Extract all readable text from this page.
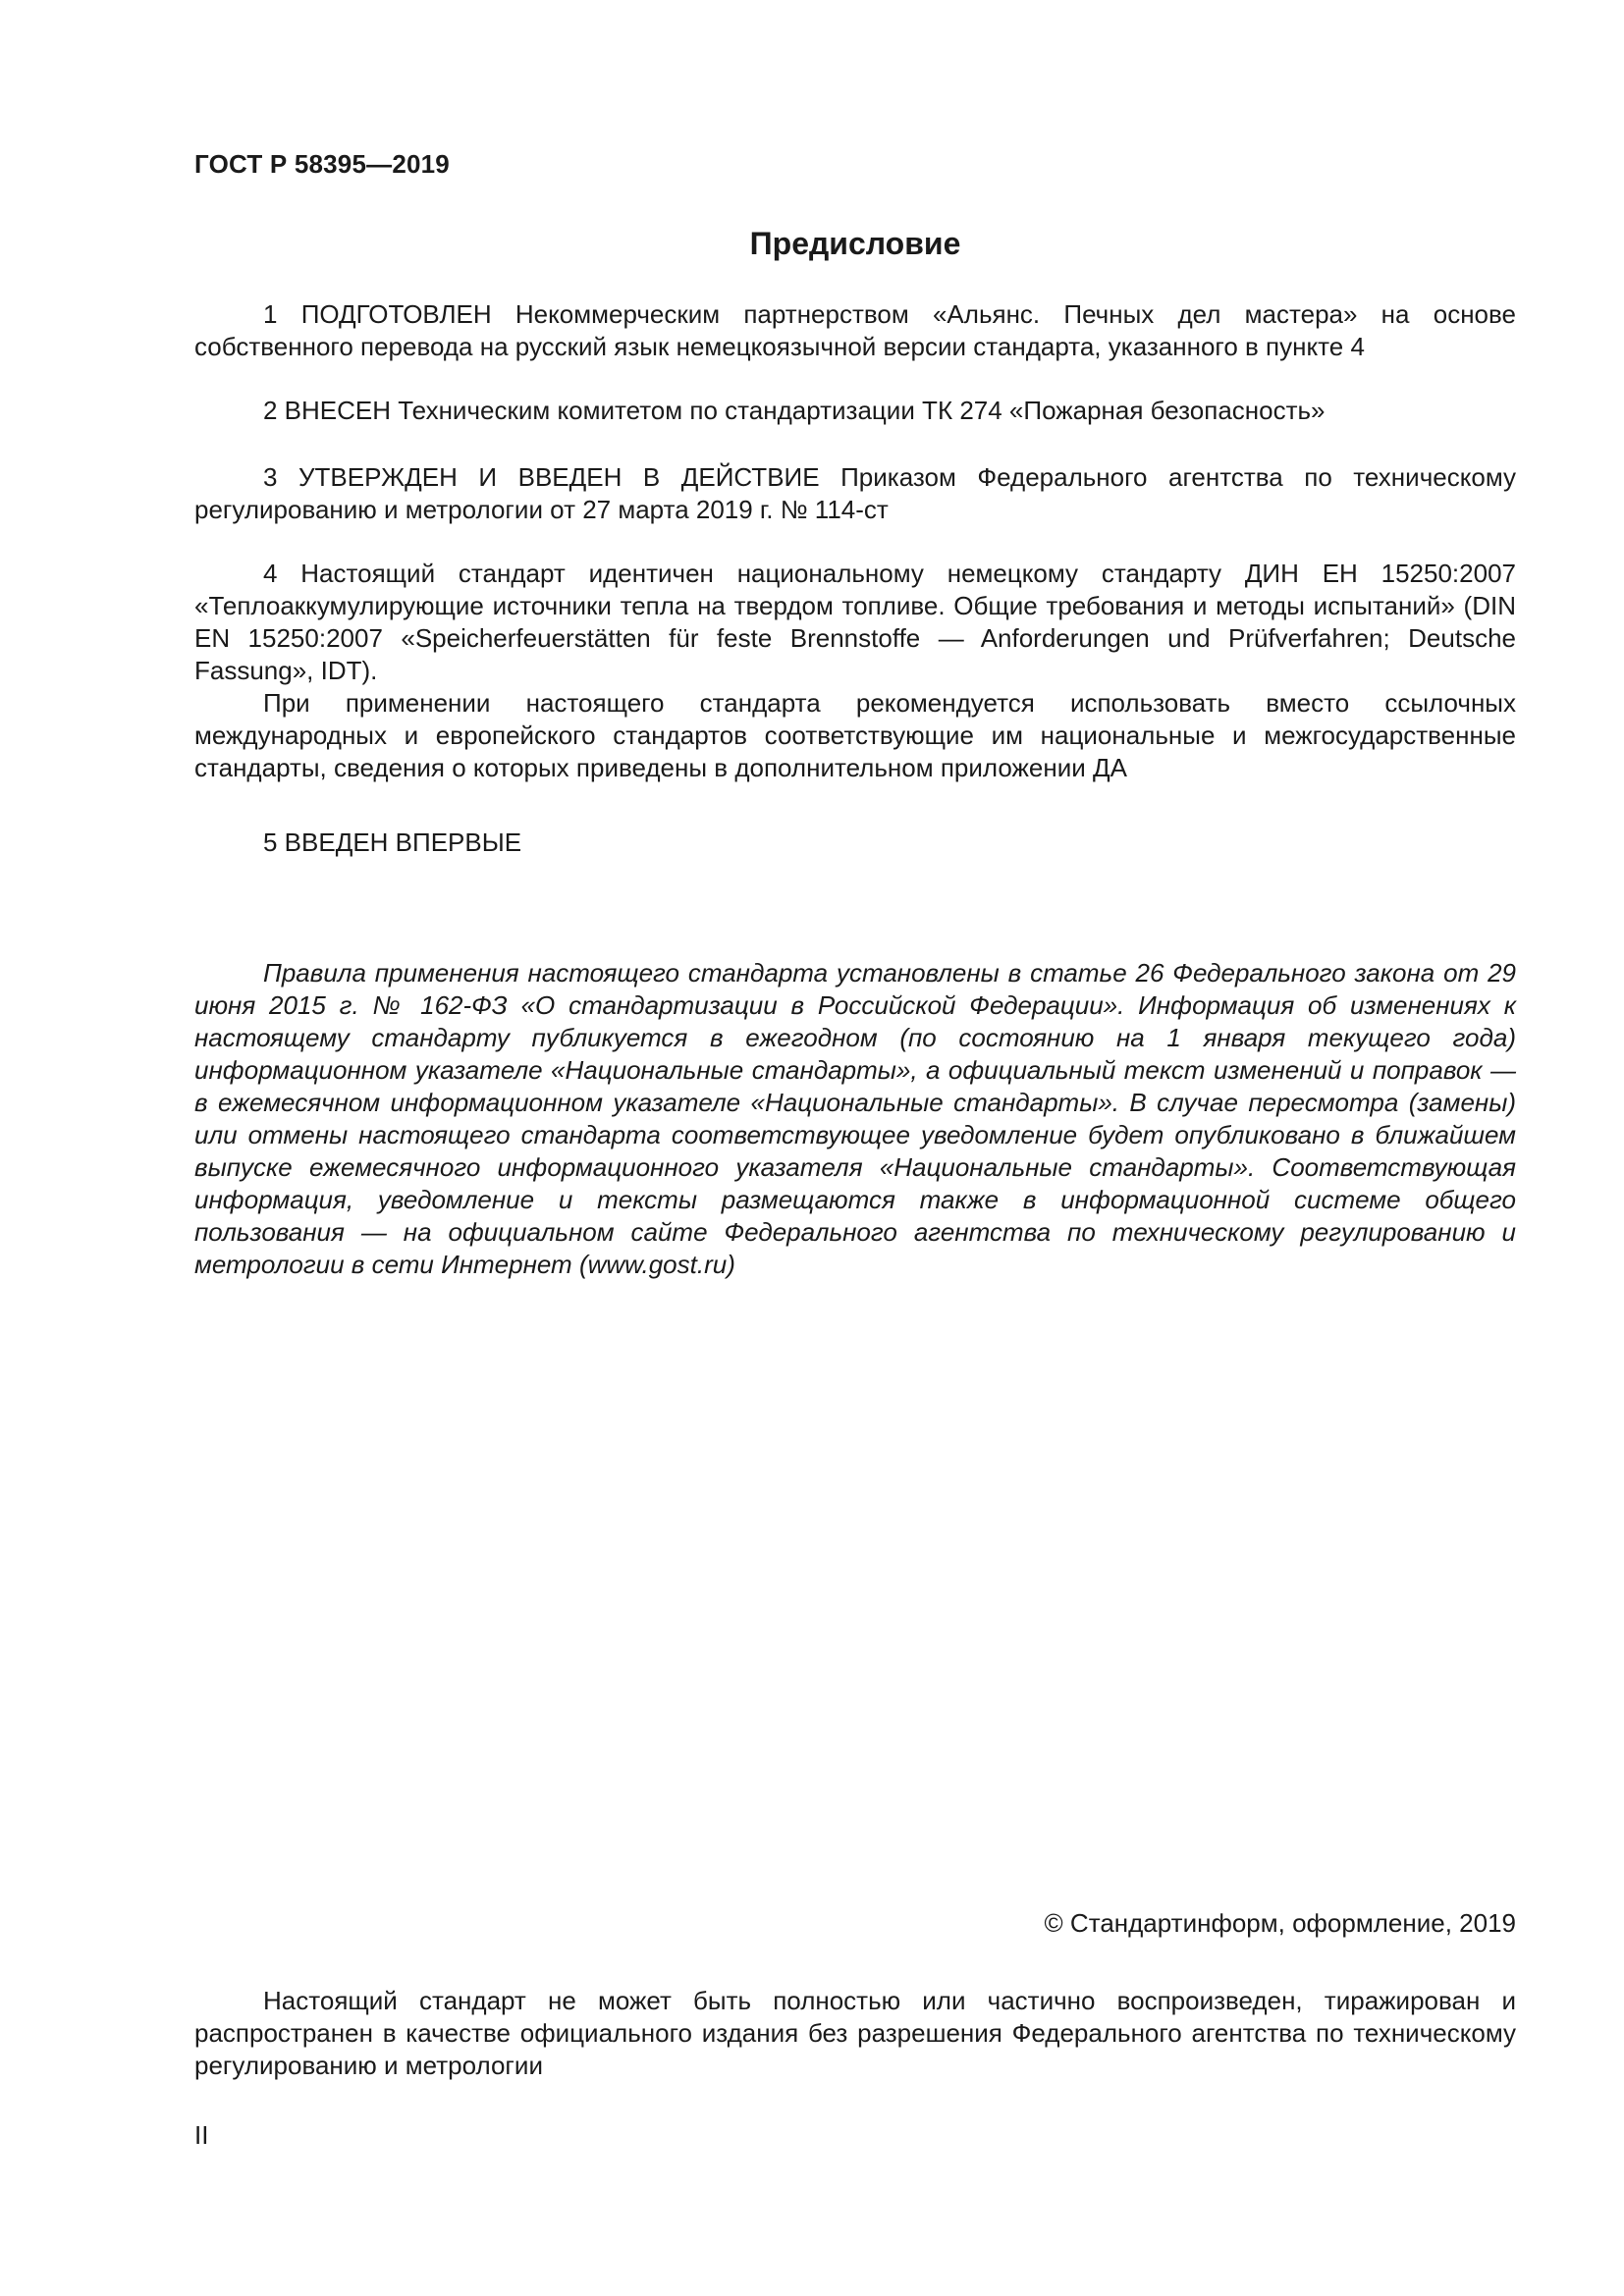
ГОСТ Р 58395—2019
Предисловие

1 ПОДГОТОВЛЕН Некоммерческим партнерством «Альянс. Печных дел мастера» на основе собственного перевода на русский язык немецкоязычной версии стандарта, указанного в пункте 4

2 ВНЕСЕН Техническим комитетом по стандартизации ТК 274 «Пожарная безопасность»

3 УТВЕРЖДЕН И ВВЕДЕН В ДЕЙСТВИЕ Приказом Федерального агентства по техническому регулированию и метрологии от 27 марта 2019 г. № 114-ст

4 Настоящий стандарт идентичен национальному немецкому стандарту ДИН ЕН 15250:2007 «Теплоаккумулирующие источники тепла на твердом топливе. Общие требования и методы испытаний» (DIN EN 15250:2007 «Speicherfeuerstätten für feste Brennstoffe — Anforderungen und Prüfverfahren; Deutsche Fassung», IDT).

При применении настоящего стандарта рекомендуется использовать вместо ссылочных международных и европейского стандартов соответствующие им национальные и межгосударственные стандарты, сведения о которых приведены в дополнительном приложении ДА

5 ВВЕДЕН ВПЕРВЫЕ

Правила применения настоящего стандарта установлены в статье 26 Федерального закона от 29 июня 2015 г. № 162-ФЗ «О стандартизации в Российской Федерации». Информация об изменениях к настоящему стандарту публикуется в ежегодном (по состоянию на 1 января текущего года) информационном указателе «Национальные стандарты», а официальный текст изменений и поправок — в ежемесячном информационном указателе «Национальные стандарты». В случае пересмотра (замены) или отмены настоящего стандарта соответствующее уведомление будет опубликовано в ближайшем выпуске ежемесячного информационного указателя «Национальные стандарты». Соответствующая информация, уведомление и тексты размещаются также в информационной системе общего пользования — на официальном сайте Федерального агентства по техническому регулированию и метрологии в сети Интернет (www.gost.ru)

© Стандартинформ, оформление, 2019

Настоящий стандарт не может быть полностью или частично воспроизведен, тиражирован и распространен в качестве официального издания без разрешения Федерального агентства по техническому регулированию и метрологии

II
